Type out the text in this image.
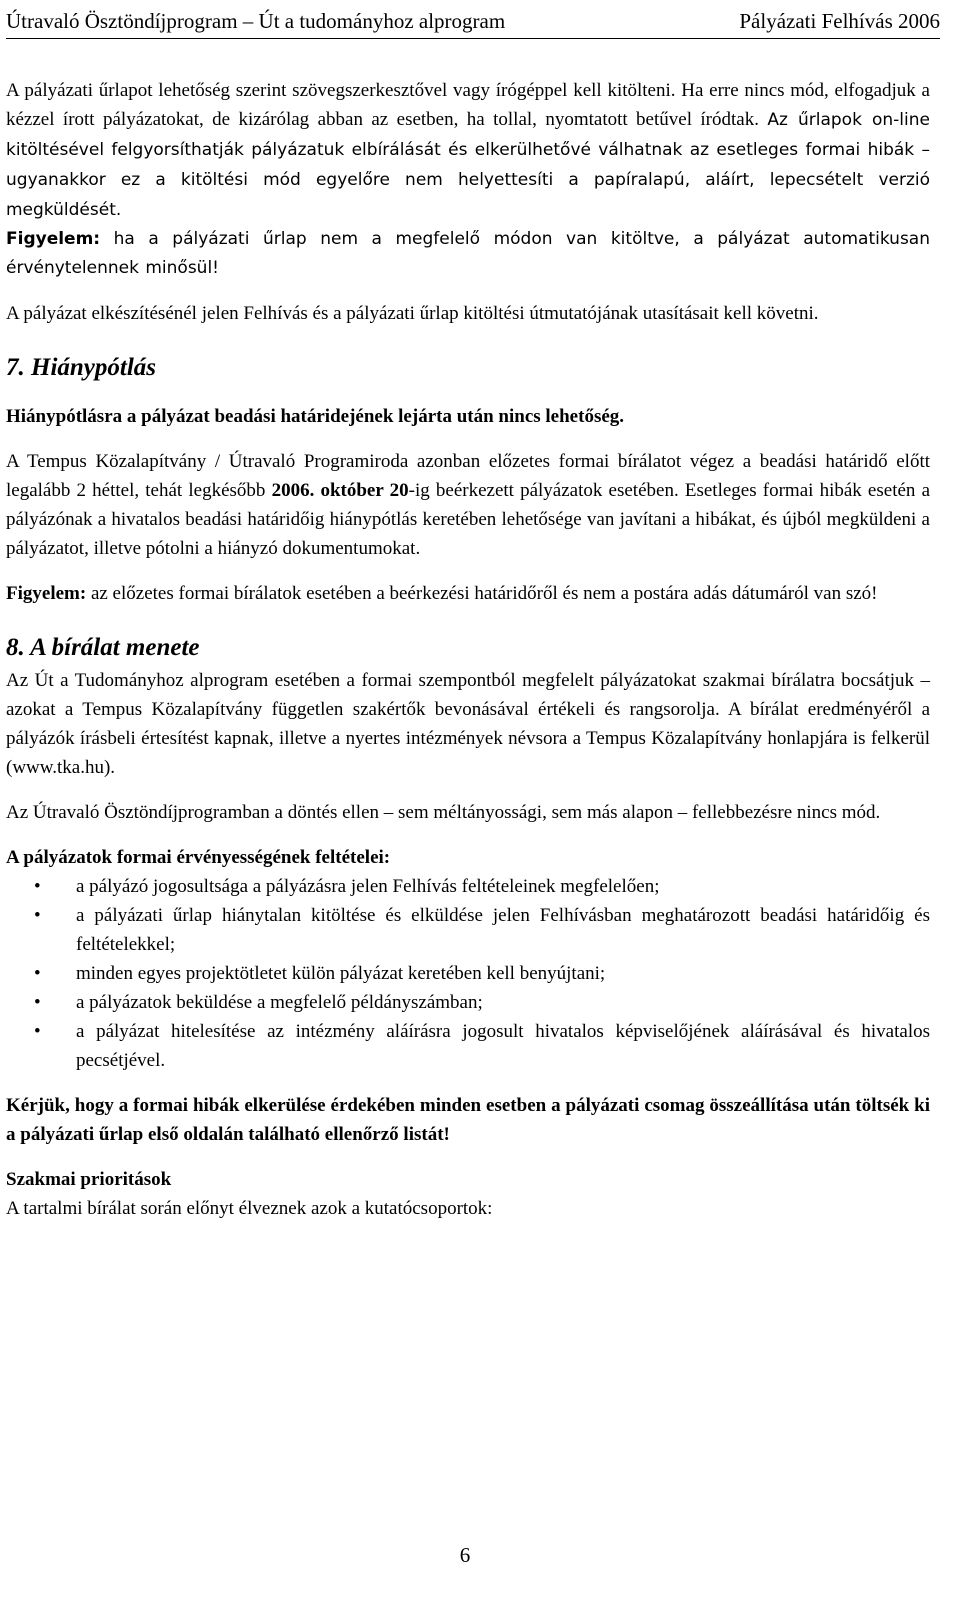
Útravaló Ösztöndíjprogram – Út a tudományhoz alprogram	Pályázati Felhívás 2006

A pályázati űrlapot lehetőség szerint szövegszerkesztővel vagy írógéppel kell kitölteni. Ha erre nincs mód, elfogadjuk a kézzel írott pályázatokat, de kizárólag abban az esetben, ha tollal, nyomtatott betűvel íródtak. Az űrlapok on-line kitöltésével felgyorsíthatják pályázatuk elbírálását és elkerülhetővé válhatnak az esetleges formai hibák – ugyanakkor ez a kitöltési mód egyelőre nem helyettesíti a papíralapú, aláírt, lepecsételt verzió megküldését.

Figyelem: ha a pályázati űrlap nem a megfelelő módon van kitöltve, a pályázat automatikusan érvénytelennek minősül!

A pályázat elkészítésénél jelen Felhívás és a pályázati űrlap kitöltési útmutatójának utasításait kell követni.

7. Hiánypótlás

Hiánypótlásra a pályázat beadási határidejének lejárta után nincs lehetőség.

A Tempus Közalapítvány / Útravaló Programiroda azonban előzetes formai bírálatot végez a beadási határidő előtt legalább 2 héttel, tehát legkésőbb 2006. október 20-ig beérkezett pályázatok esetében. Esetleges formai hibák esetén a pályázónak a hivatalos beadási határidőig hiánypótlás keretében lehetősége van javítani a hibákat, és újból megküldeni a pályázatot, illetve pótolni a hiányzó dokumentumokat.

Figyelem: az előzetes formai bírálatok esetében a beérkezési határidőről és nem a postára adás dátumáról van szó!

8. A bírálat menete

Az Út a Tudományhoz alprogram esetében a formai szempontból megfelelt pályázatokat szakmai bírálatra bocsátjuk – azokat a Tempus Közalapítvány független szakértők bevonásával értékeli és rangsorolja. A bírálat eredményéről a pályázók írásbeli értesítést kapnak, illetve a nyertes intézmények névsora a Tempus Közalapítvány honlapjára is felkerül (www.tka.hu).

Az Útravaló Ösztöndíjprogramban a döntés ellen – sem méltányossági, sem más alapon – fellebbezésre nincs mód.

A pályázatok formai érvényességének feltételei:

• a pályázó jogosultsága a pályázásra jelen Felhívás feltételeinek megfelelően;
• a pályázati űrlap hiánytalan kitöltése és elküldése jelen Felhívásban meghatározott beadási határidőig és feltételekkel;
• minden egyes projektötletet külön pályázat keretében kell benyújtani;
• a pályázatok beküldése a megfelelő példányszámban;
• a pályázat hitelesítése az intézmény aláírásra jogosult hivatalos képviselőjének aláírásával és hivatalos pecsétjével.

Kérjük, hogy a formai hibák elkerülése érdekében minden esetben a pályázati csomag összeállítása után töltsék ki a pályázati űrlap első oldalán található ellenőrző listát!

Szakmai prioritások

A tartalmi bírálat során előnyt élveznek azok a kutatócsoportok:

6
